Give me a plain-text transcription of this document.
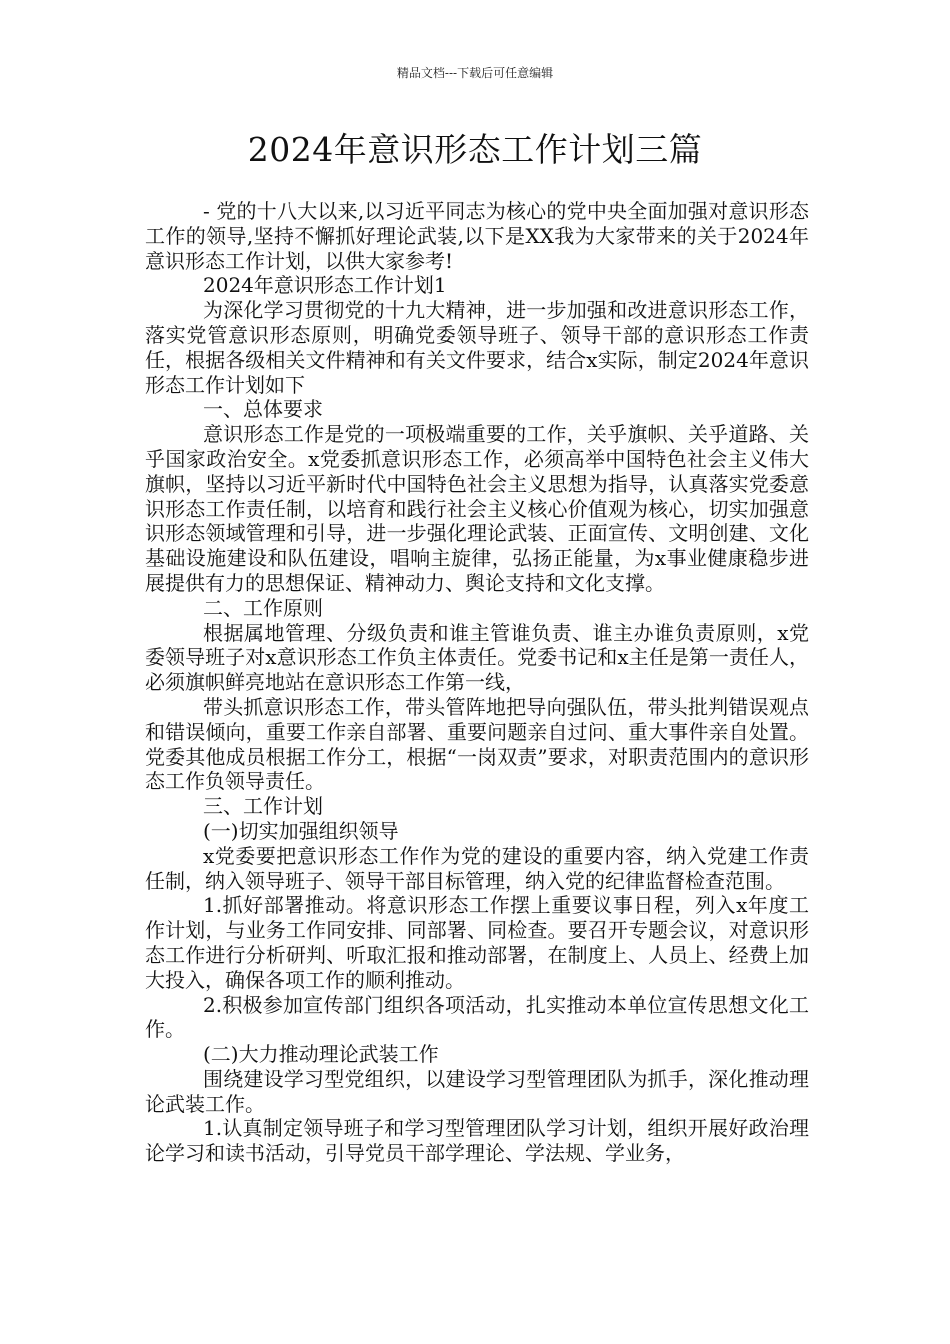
精品文档---下载后可任意编辑
2024年意识形态工作计划三篇

- 党的十八大以来,以习近平同志为核心的党中央全面加强对意识形态工作的领导,坚持不懈抓好理论武装,以下是XX我为大家带来的关于2024年意识形态工作计划，以供大家参考!

2024年意识形态工作计划1

为深化学习贯彻党的十九大精神，进一步加强和改进意识形态工作，落实党管意识形态原则，明确党委领导班子、领导干部的意识形态工作责任，根据各级相关文件精神和有关文件要求，结合x实际，制定2024年意识形态工作计划如下

一、总体要求

意识形态工作是党的一项极端重要的工作，关乎旗帜、关乎道路、关乎国家政治安全。x党委抓意识形态工作，必须高举中国特色社会主义伟大旗帜，坚持以习近平新时代中国特色社会主义思想为指导，认真落实党委意识形态工作责任制，以培育和践行社会主义核心价值观为核心，切实加强意识形态领域管理和引导，进一步强化理论武装、正面宣传、文明创建、文化基础设施建设和队伍建设，唱响主旋律，弘扬正能量，为x事业健康稳步进展提供有力的思想保证、精神动力、舆论支持和文化支撑。

二、工作原则

根据属地管理、分级负责和谁主管谁负责、谁主办谁负责原则，x党委领导班子对x意识形态工作负主体责任。党委书记和x主任是第一责任人，必须旗帜鲜亮地站在意识形态工作第一线，

带头抓意识形态工作，带头管阵地把导向强队伍，带头批判错误观点和错误倾向，重要工作亲自部署、重要问题亲自过问、重大事件亲自处置。党委其他成员根据工作分工，根据“一岗双责”要求，对职责范围内的意识形态工作负领导责任。

三、工作计划

(一)切实加强组织领导

x党委要把意识形态工作作为党的建设的重要内容，纳入党建工作责任制，纳入领导班子、领导干部目标管理，纳入党的纪律监督检查范围。

1.抓好部署推动。将意识形态工作摆上重要议事日程，列入x年度工作计划，与业务工作同安排、同部署、同检查。要召开专题会议，对意识形态工作进行分析研判、听取汇报和推动部署，在制度上、人员上、经费上加大投入，确保各项工作的顺利推动。

2.积极参加宣传部门组织各项活动，扎实推动本单位宣传思想文化工作。

(二)大力推动理论武装工作

围绕建设学习型党组织，以建设学习型管理团队为抓手，深化推动理论武装工作。

1.认真制定领导班子和学习型管理团队学习计划，组织开展好政治理论学习和读书活动，引导党员干部学理论、学法规、学业务，
